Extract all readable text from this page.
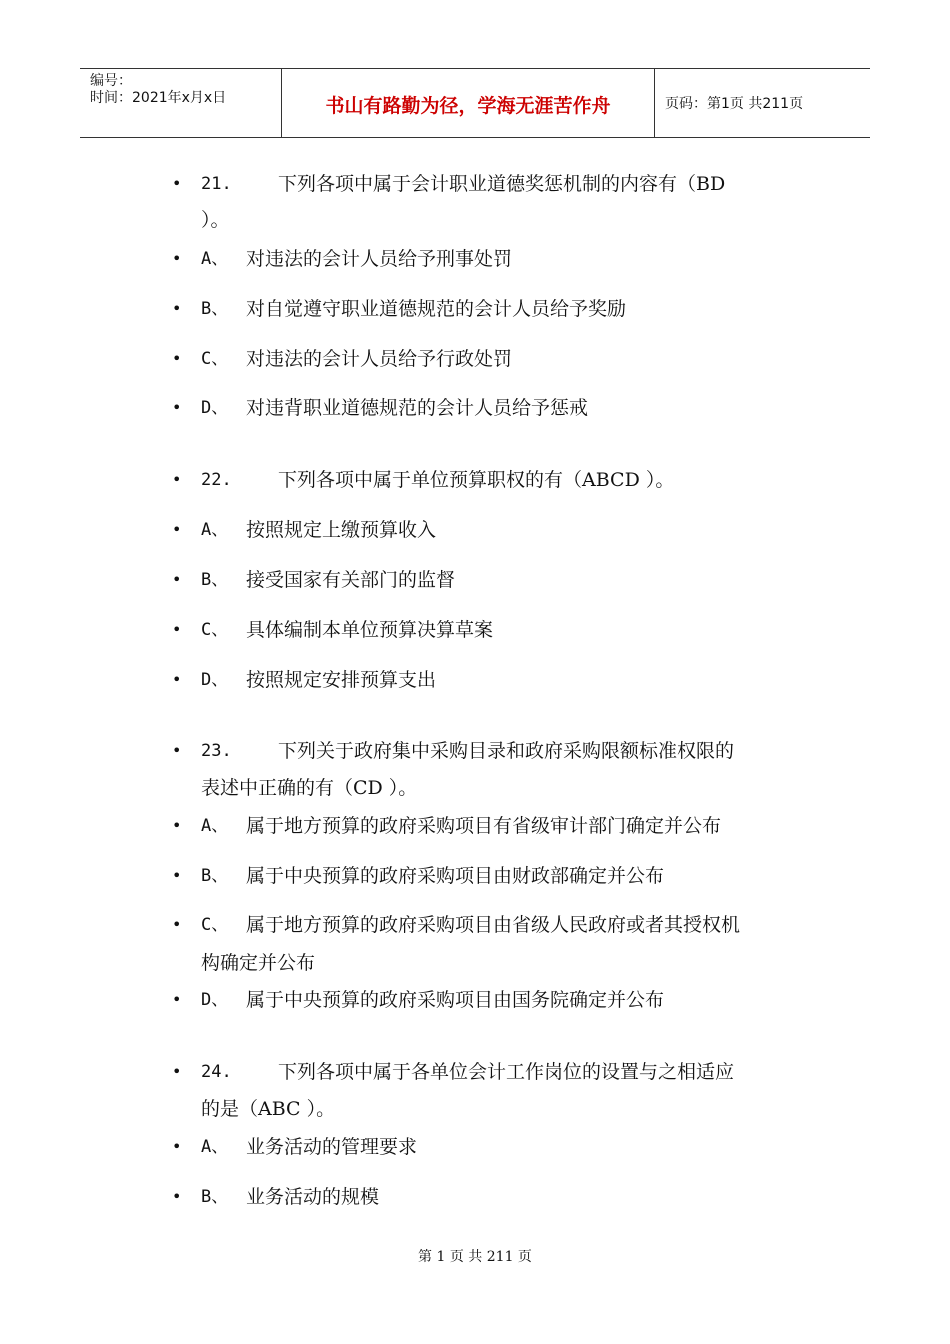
编号：
时间：2021年x月x日	书山有路勤为径，学海无涯苦作舟	页码：第1页 共211页
• 21. 下列各项中属于会计职业道德奖惩机制的内容有（BD
）。
• A、 对违法的会计人员给予刑事处罚
• B、 对自觉遵守职业道德规范的会计人员给予奖励
• C、 对违法的会计人员给予行政处罚
• D、 对违背职业道德规范的会计人员给予惩戒
• 22. 下列各项中属于单位预算职权的有（ABCD ）。
• A、 按照规定上缴预算收入
• B、 接受国家有关部门的监督
• C、 具体编制本单位预算决算草案
• D、 按照规定安排预算支出
• 23. 下列关于政府集中采购目录和政府采购限额标准权限的
表述中正确的有（CD ）。
• A、 属于地方预算的政府采购项目有省级审计部门确定并公布
• B、 属于中央预算的政府采购项目由财政部确定并公布
• C、 属于地方预算的政府采购项目由省级人民政府或者其授权机
构确定并公布
• D、 属于中央预算的政府采购项目由国务院确定并公布
• 24. 下列各项中属于各单位会计工作岗位的设置与之相适应
的是（ABC ）。
• A、 业务活动的管理要求
• B、 业务活动的规模
第 1 页 共 211 页
